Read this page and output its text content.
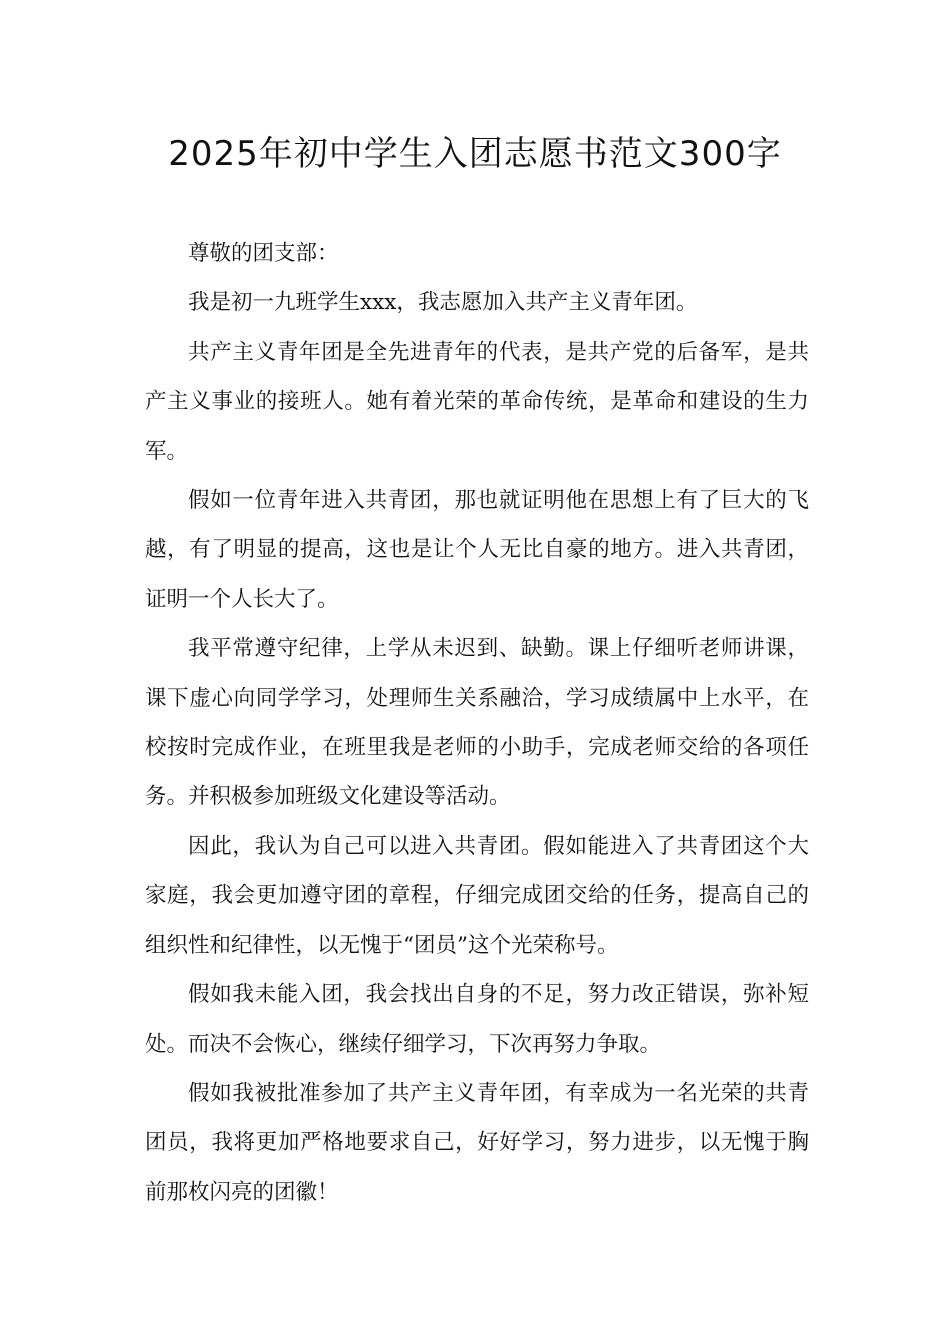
2025年初中学生入团志愿书范文300字

尊敬的团支部：

我是初一九班学生xxx，我志愿加入共产主义青年团。

共产主义青年团是全先进青年的代表，是共产党的后备军，是共产主义事业的接班人。她有着光荣的革命传统，是革命和建设的生力军。

假如一位青年进入共青团，那也就证明他在思想上有了巨大的飞越，有了明显的提高，这也是让个人无比自豪的地方。进入共青团，证明一个人长大了。

我平常遵守纪律，上学从未迟到、缺勤。课上仔细听老师讲课，课下虚心向同学学习，处理师生关系融洽，学习成绩属中上水平，在校按时完成作业，在班里我是老师的小助手，完成老师交给的各项任务。并积极参加班级文化建设等活动。

因此，我认为自己可以进入共青团。假如能进入了共青团这个大家庭，我会更加遵守团的章程，仔细完成团交给的任务，提高自己的组织性和纪律性，以无愧于“团员”这个光荣称号。

假如我未能入团，我会找出自身的不足，努力改正错误，弥补短处。而决不会恢心，继续仔细学习，下次再努力争取。

假如我被批准参加了共产主义青年团，有幸成为一名光荣的共青团员，我将更加严格地要求自己，好好学习，努力进步，以无愧于胸前那枚闪亮的团徽！
